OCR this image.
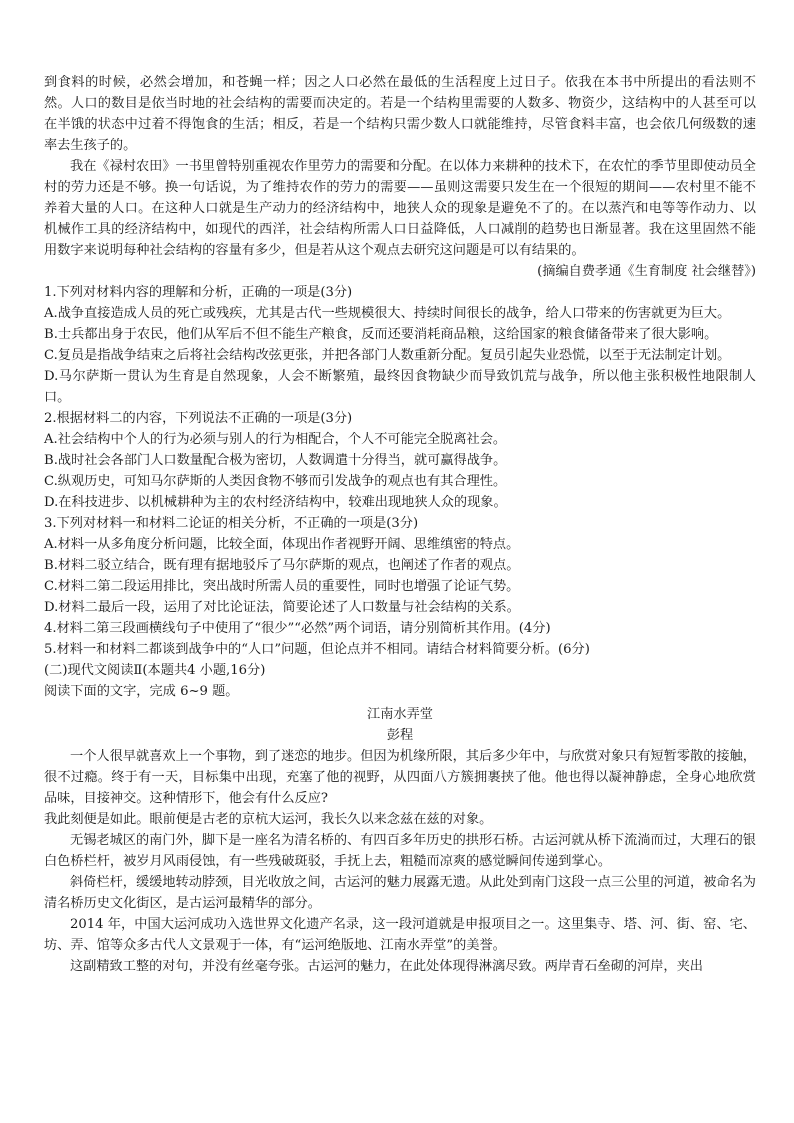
到食料的时候，必然会增加，和苍蝇一样；因之人口必然在最低的生活程度上过日子。依我在本书中所提出的看法则不然。人口的数目是依当时地的社会结构的需要而决定的。若是一个结构里需要的人数多、物资少，这结构中的人甚至可以在半饿的状态中过着不得饱食的生活；相反，若是一个结构只需少数人口就能维持，尽管食料丰富，也会依几何级数的速率去生孩子的。

我在《禄村农田》一书里曾特别重视农作里劳力的需要和分配。在以体力来耕种的技术下，在农忙的季节里即使动员全村的劳力还是不够。换一句话说，为了维持农作的劳力的需要——虽则这需要只发生在一个很短的期间——农村里不能不养着大量的人口。在这种人口就是生产动力的经济结构中，地狭人众的现象是避免不了的。在以蒸汽和电等等作动力、以机械作工具的经济结构中，如现代的西洋，社会结构所需人口日益降低，人口减削的趋势也日渐显著。我在这里固然不能用数字来说明每种社会结构的容量有多少，但是若从这个观点去研究这问题是可以有结果的。

(摘编自费孝通《生育制度 社会继替》)

1.下列对材料内容的理解和分析，正确的一项是(3分)

A.战争直接造成人员的死亡或残疾，尤其是古代一些规模很大、持续时间很长的战争，给人口带来的伤害就更为巨大。

B.士兵都出身于农民，他们从军后不但不能生产粮食，反而还要消耗商品粮，这给国家的粮食储备带来了很大影响。

C.复员是指战争结束之后将社会结构改弦更张，并把各部门人数重新分配。复员引起失业恐慌，以至于无法制定计划。

D.马尔萨斯一贯认为生育是自然现象，人会不断繁殖，最终因食物缺少而导致饥荒与战争，所以他主张积极性地限制人口。

2.根据材料二的内容，下列说法不正确的一项是(3分)

A.社会结构中个人的行为必须与别人的行为相配合，个人不可能完全脱离社会。

B.战时社会各部门人口数量配合极为密切，人数调遣十分得当，就可赢得战争。

C.纵观历史，可知马尔萨斯的人类因食物不够而引发战争的观点也有其合理性。

D.在科技进步、以机械耕种为主的农村经济结构中，较难出现地狭人众的现象。

3.下列对材料一和材料二论证的相关分析，不正确的一项是(3分)

A.材料一从多角度分析问题，比较全面，体现出作者视野开阔、思维缜密的特点。

B.材料二驳立结合，既有理有据地驳斥了马尔萨斯的观点，也阐述了作者的观点。

C.材料二第二段运用排比，突出战时所需人员的重要性，同时也增强了论证气势。

D.材料二最后一段，运用了对比论证法，简要论述了人口数量与社会结构的关系。

4.材料二第三段画横线句子中使用了“很少”“必然”两个词语，请分别简析其作用。(4分)

5.材料一和材料二都谈到战争中的“人口”问题，但论点并不相同。请结合材料简要分析。(6分)

(二)现代文阅读Ⅱ(本题共4 小题,16分)

阅读下面的文字，完成 6~9 题。

江南水弄堂

彭程

一个人很早就喜欢上一个事物，到了迷恋的地步。但因为机缘所限，其后多少年中，与欣赏对象只有短暂零散的接触，很不过瘾。终于有一天，目标集中出现，充塞了他的视野，从四面八方簇拥裹挟了他。他也得以凝神静虑，全身心地欣赏品味，目接神交。这种情形下，他会有什么反应?

我此刻便是如此。眼前便是古老的京杭大运河，我长久以来念兹在兹的对象。

无锡老城区的南门外，脚下是一座名为清名桥的、有四百多年历史的拱形石桥。古运河就从桥下流淌而过，大理石的银白色桥栏杆，被岁月风雨侵蚀，有一些残破斑驳，手抚上去，粗糙而凉爽的感觉瞬间传递到掌心。

斜倚栏杆，缓缓地转动脖颈，目光收放之间，古运河的魅力展露无遗。从此处到南门这段一点三公里的河道，被命名为清名桥历史文化街区，是古运河最精华的部分。

2014 年，中国大运河成功入选世界文化遗产名录，这一段河道就是申报项目之一。这里集寺、塔、河、街、窑、宅、坊、弄、馆等众多古代人文景观于一体，有“运河绝版地、江南水弄堂”的美誉。

这副精致工整的对句，并没有丝毫夸张。古运河的魅力，在此处体现得淋漓尽致。两岸青石垒砌的河岸，夹出
